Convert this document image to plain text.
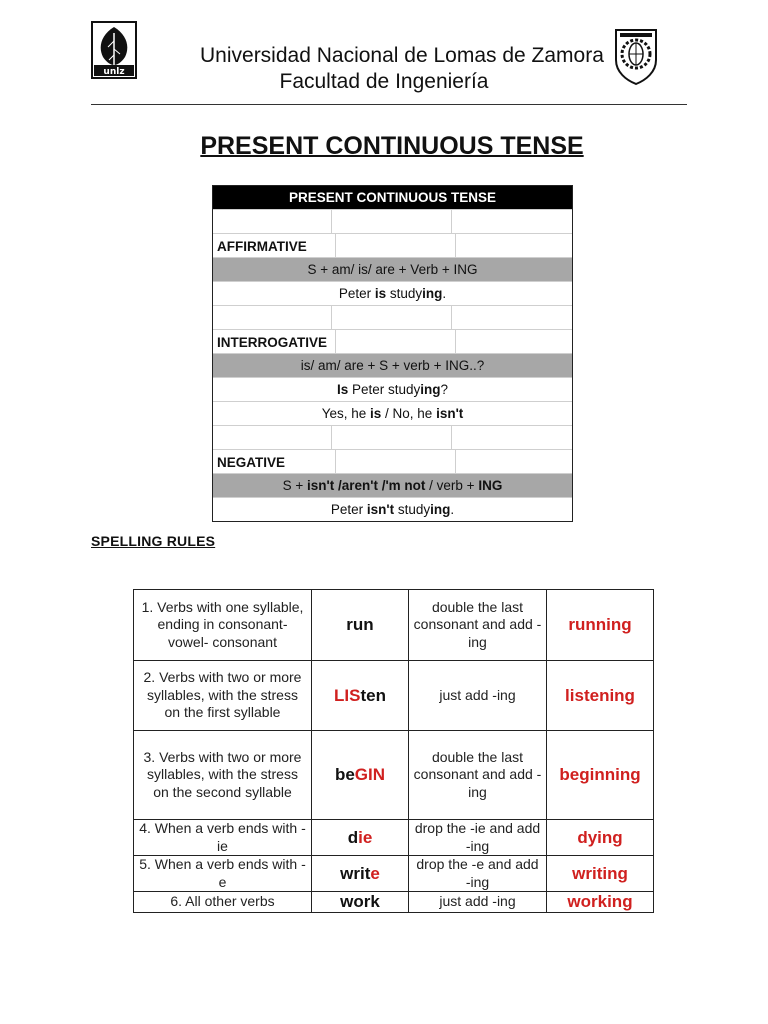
unlz
Universidad Nacional de Lomas de Zamora
Facultad de Ingeniería
PRESENT CONTINUOUS TENSE
PRESENT CONTINUOUS TENSE
AFFIRMATIVE
S + am/ is/ are + Verb + ING
Peter is studying.
INTERROGATIVE
is/ am/ are + S + verb + ING..?
Is Peter studying?
Yes, he is / No, he isn't
NEGATIVE
S + isn't /aren't /'m not / verb + ING
Peter isn't studying.
SPELLING RULES
1. Verbs with one syllable, ending in consonant- vowel- consonant	run	double the last consonant and add -ing	running
2. Verbs with two or more syllables, with the stress on the first syllable	LISten	just add -ing	listening
3. Verbs with two or more syllables, with the stress on the second syllable	beGIN	double the last consonant and add -ing	beginning
4. When a verb ends with -ie	die	drop the -ie and add -ing	dying
5. When a verb ends with -e	write	drop the -e and add -ing	writing
6. All other verbs	work	just add -ing	working
